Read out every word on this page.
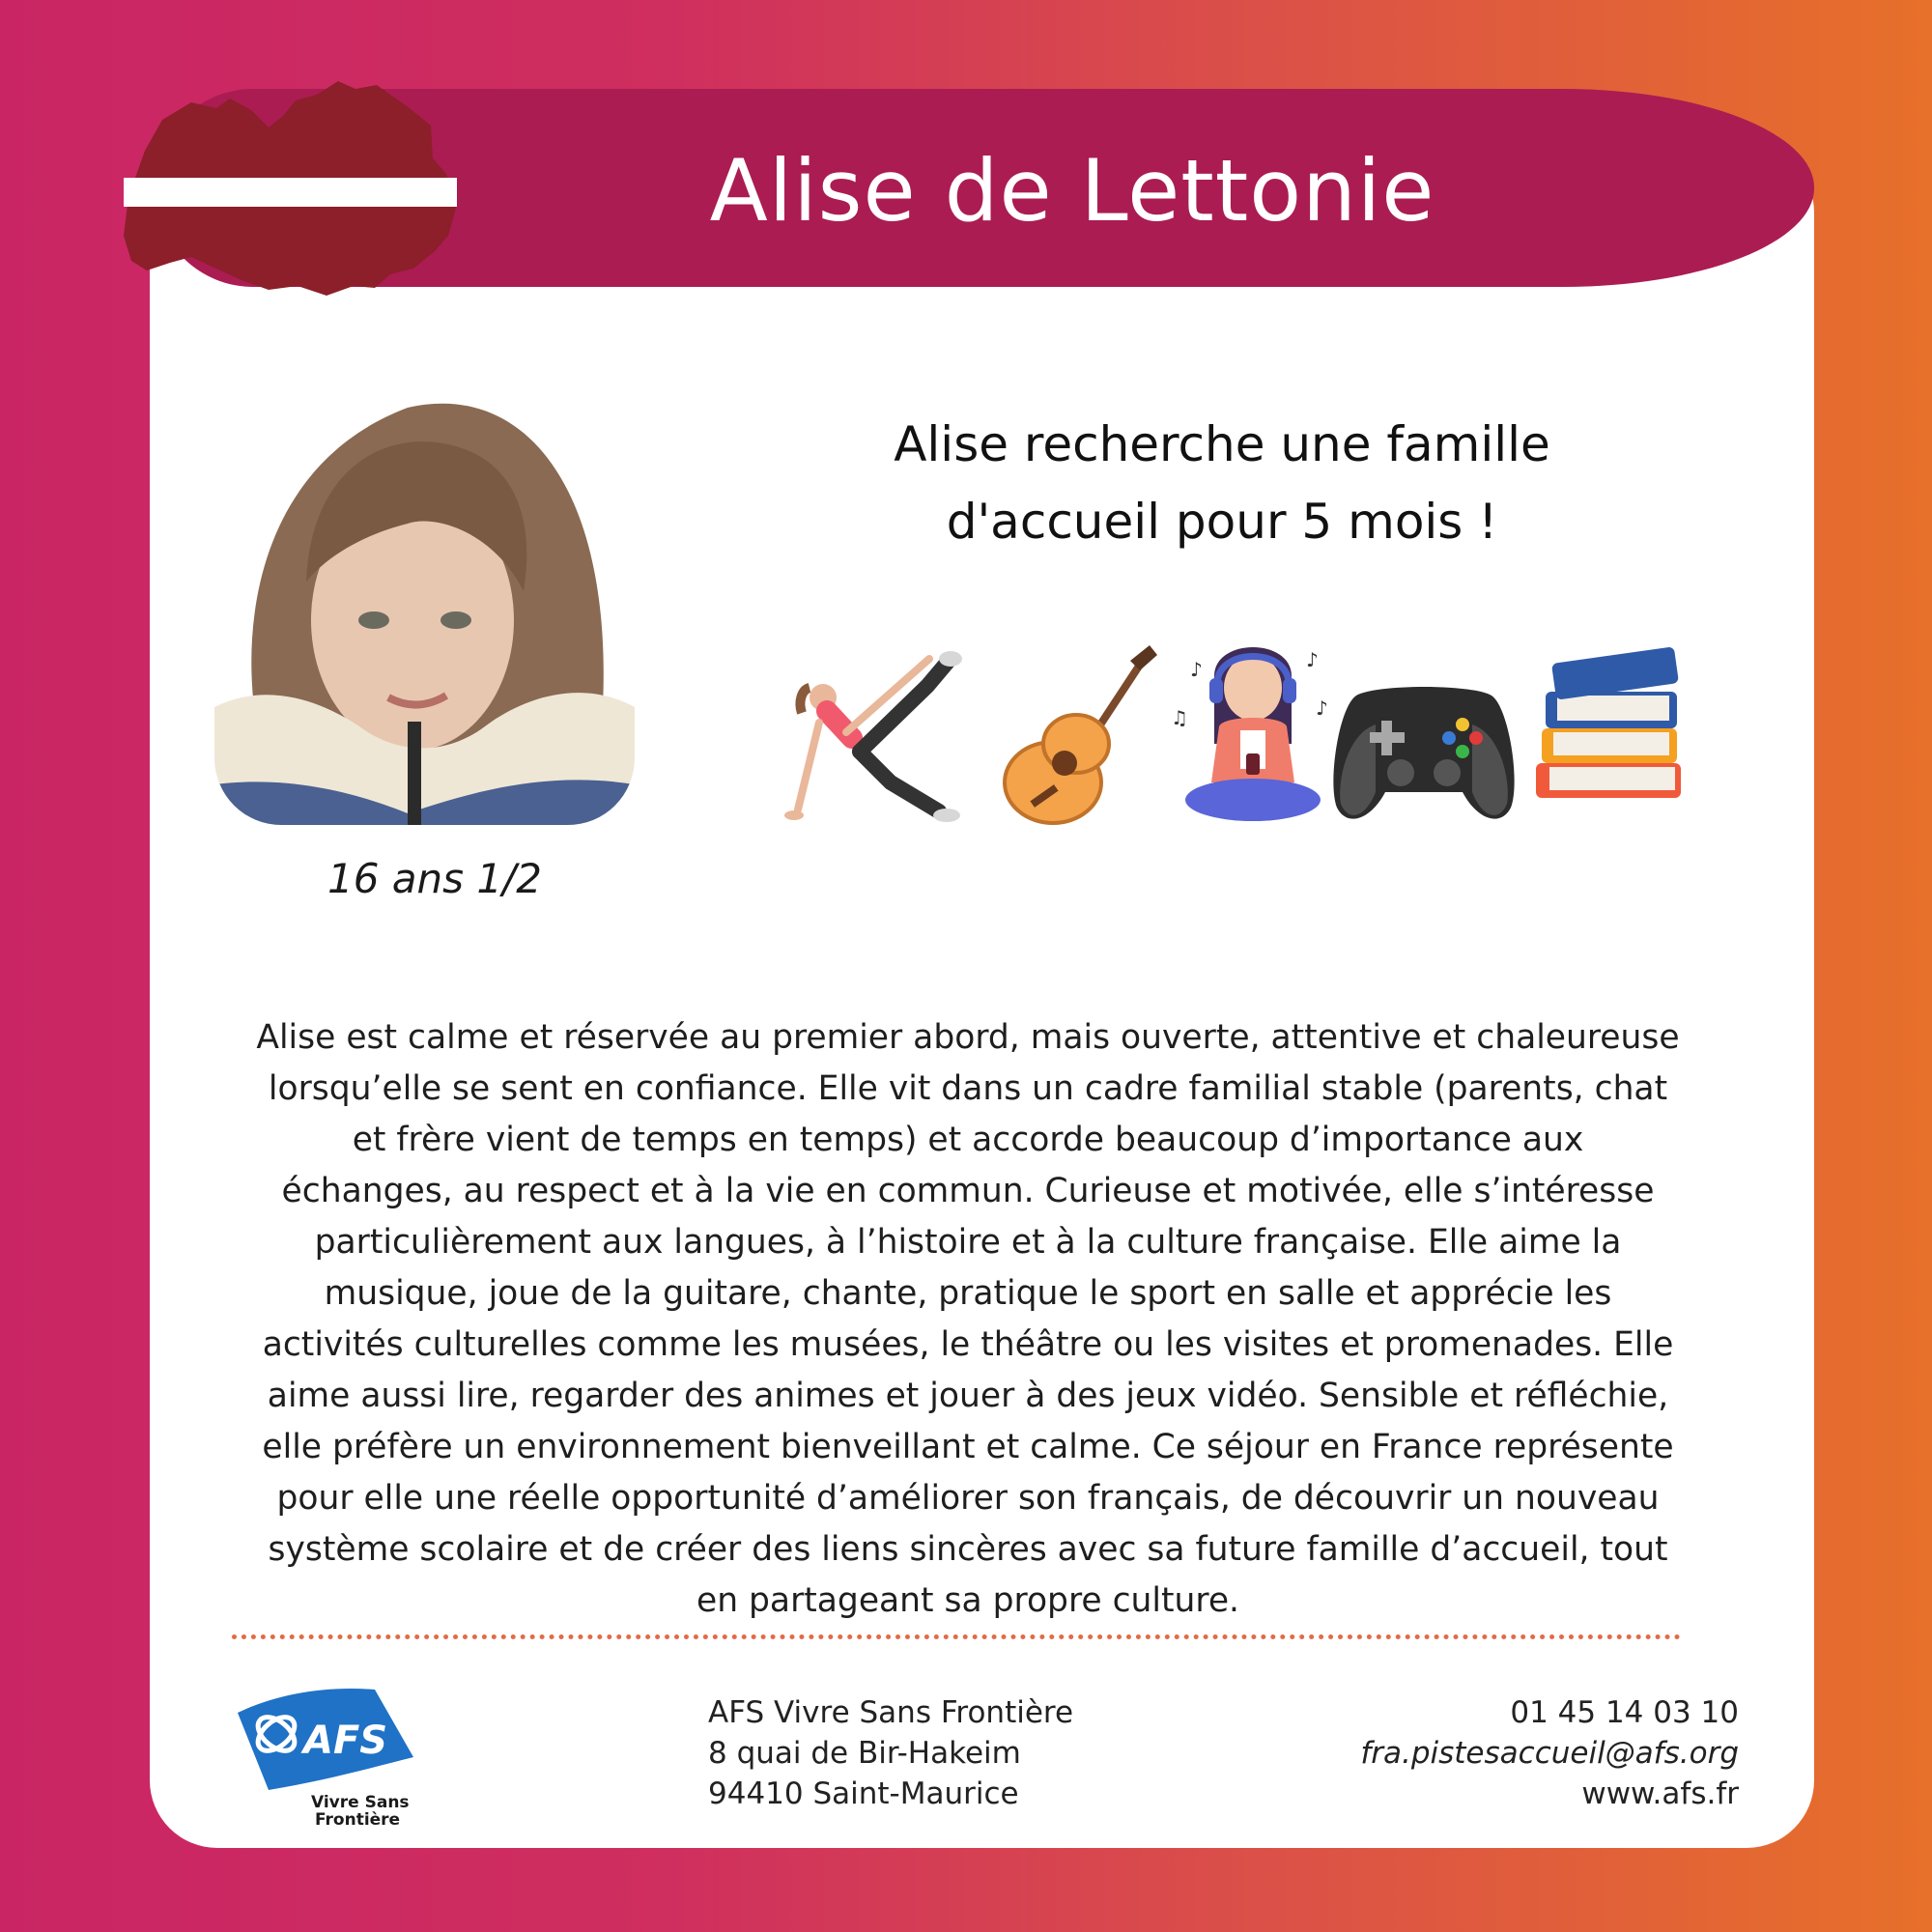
Alise de Lettonie
16 ans 1/2
Alise recherche une famille
d'accueil pour 5 mois !
♪	♪
♪
♫

Alise est calme et réservée au premier abord, mais ouverte, attentive et chaleureuse
lorsqu’elle se sent en confiance. Elle vit dans un cadre familial stable (parents, chat
et frère vient de temps en temps) et accorde beaucoup d’importance aux
échanges, au respect et à la vie en commun. Curieuse et motivée, elle s’intéresse
particulièrement aux langues, à l’histoire et à la culture française. Elle aime la
musique, joue de la guitare, chante, pratique le sport en salle et apprécie les
activités culturelles comme les musées, le théâtre ou les visites et promenades. Elle
aime aussi lire, regarder des animes et jouer à des jeux vidéo. Sensible et réfléchie,
elle préfère un environnement bienveillant et calme. Ce séjour en France représente
pour elle une réelle opportunité d’améliorer son français, de découvrir un nouveau
système scolaire et de créer des liens sincères avec sa future famille d’accueil, tout
en partageant sa propre culture.

AFS
Vivre Sans
Frontière
AFS Vivre Sans Frontière
8 quai de Bir-Hakeim
94410 Saint-Maurice
01 45 14 03 10
fra.pistesaccueil@afs.org
www.afs.fr
